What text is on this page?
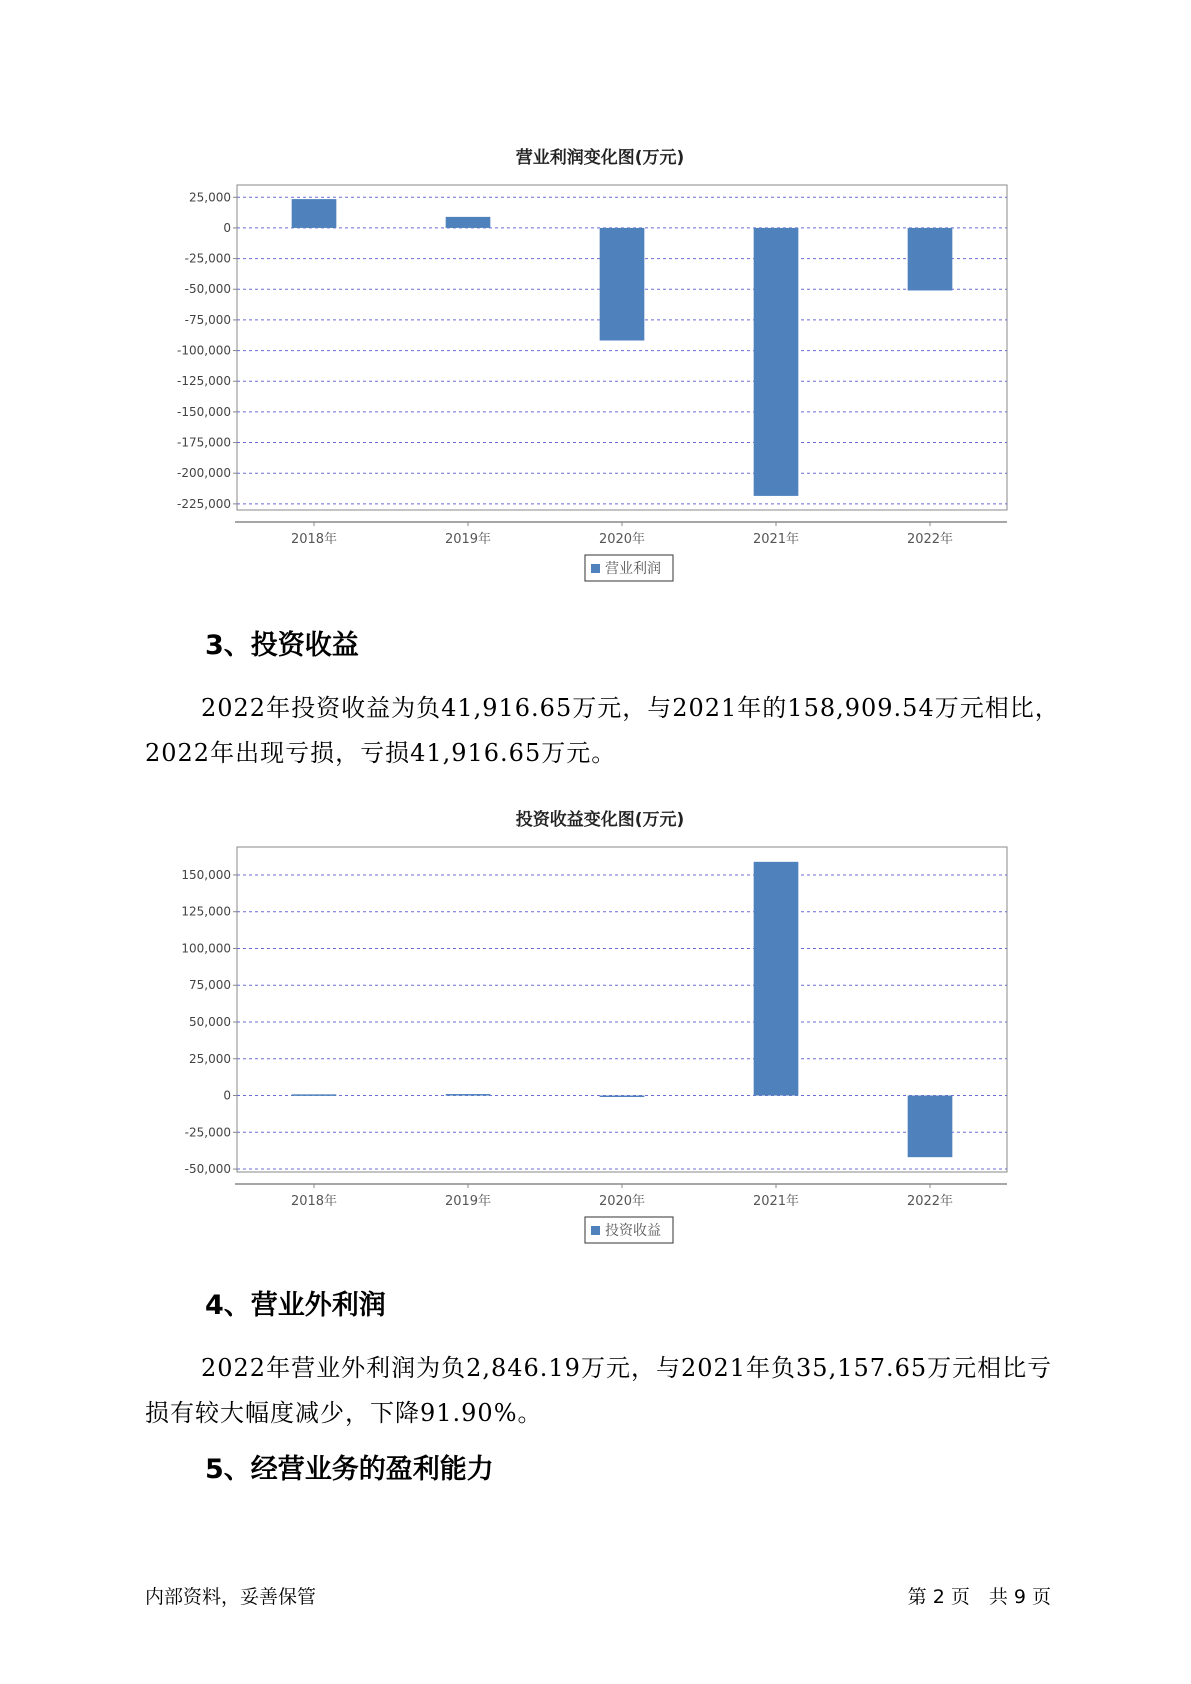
营业利润变化图(万元)
25,000
0
-25,000
-50,000
-75,000
-100,000
-125,000
-150,000
-175,000
-200,000
-225,000
2018年	2019年	2020年	2021年	2022年
营业利润
3、投资收益

2022年投资收益为负41,916.65万元，与2021年的158,909.54万元相比，2022年出现亏损，亏损41,916.65万元。

投资收益变化图(万元)
150,000
125,000
100,000
75,000
50,000
25,000
0
-25,000
-50,000
2018年	2019年	2020年	2021年	2022年
投资收益
4、营业外利润

2022年营业外利润为负2,846.19万元，与2021年负35,157.65万元相比亏损有较大幅度减少，下降91.90%。

5、经营业务的盈利能力
内部资料，妥善保管	第 2 页　共 9 页
